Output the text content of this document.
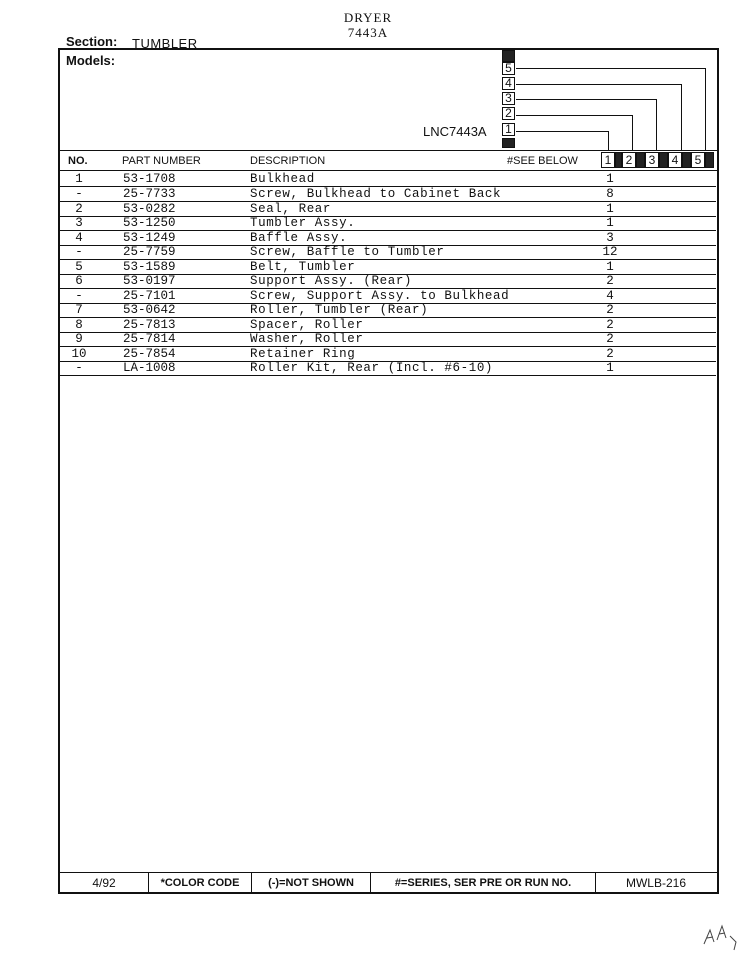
DRYER
7443A
Section: TUMBLER
Models:	5
4
3
2
1
LNC7443A
NO.	PART NUMBER	DESCRIPTION	#SEE BELOW	1	2	3	4	5
1	53-1708	Bulkhead	1
-	25-7733	Screw, Bulkhead to Cabinet Back	8
2	53-0282	Seal, Rear	1
3	53-1250	Tumbler Assy.	1
4	53-1249	Baffle Assy.	3
-	25-7759	Screw, Baffle to Tumbler	12
5	53-1589	Belt, Tumbler	1
6	53-0197	Support Assy. (Rear)	2
-	25-7101	Screw, Support Assy. to Bulkhead	4
7	53-0642	Roller, Tumbler (Rear)	2
8	25-7813	Spacer, Roller	2
9	25-7814	Washer, Roller	2
10	25-7854	Retainer Ring	2
-	LA-1008	Roller Kit, Rear (Incl. #6-10)	1
4/92	*COLOR CODE	(-)=NOT SHOWN	#=SERIES, SER PRE OR RUN NO.	MWLB-216
